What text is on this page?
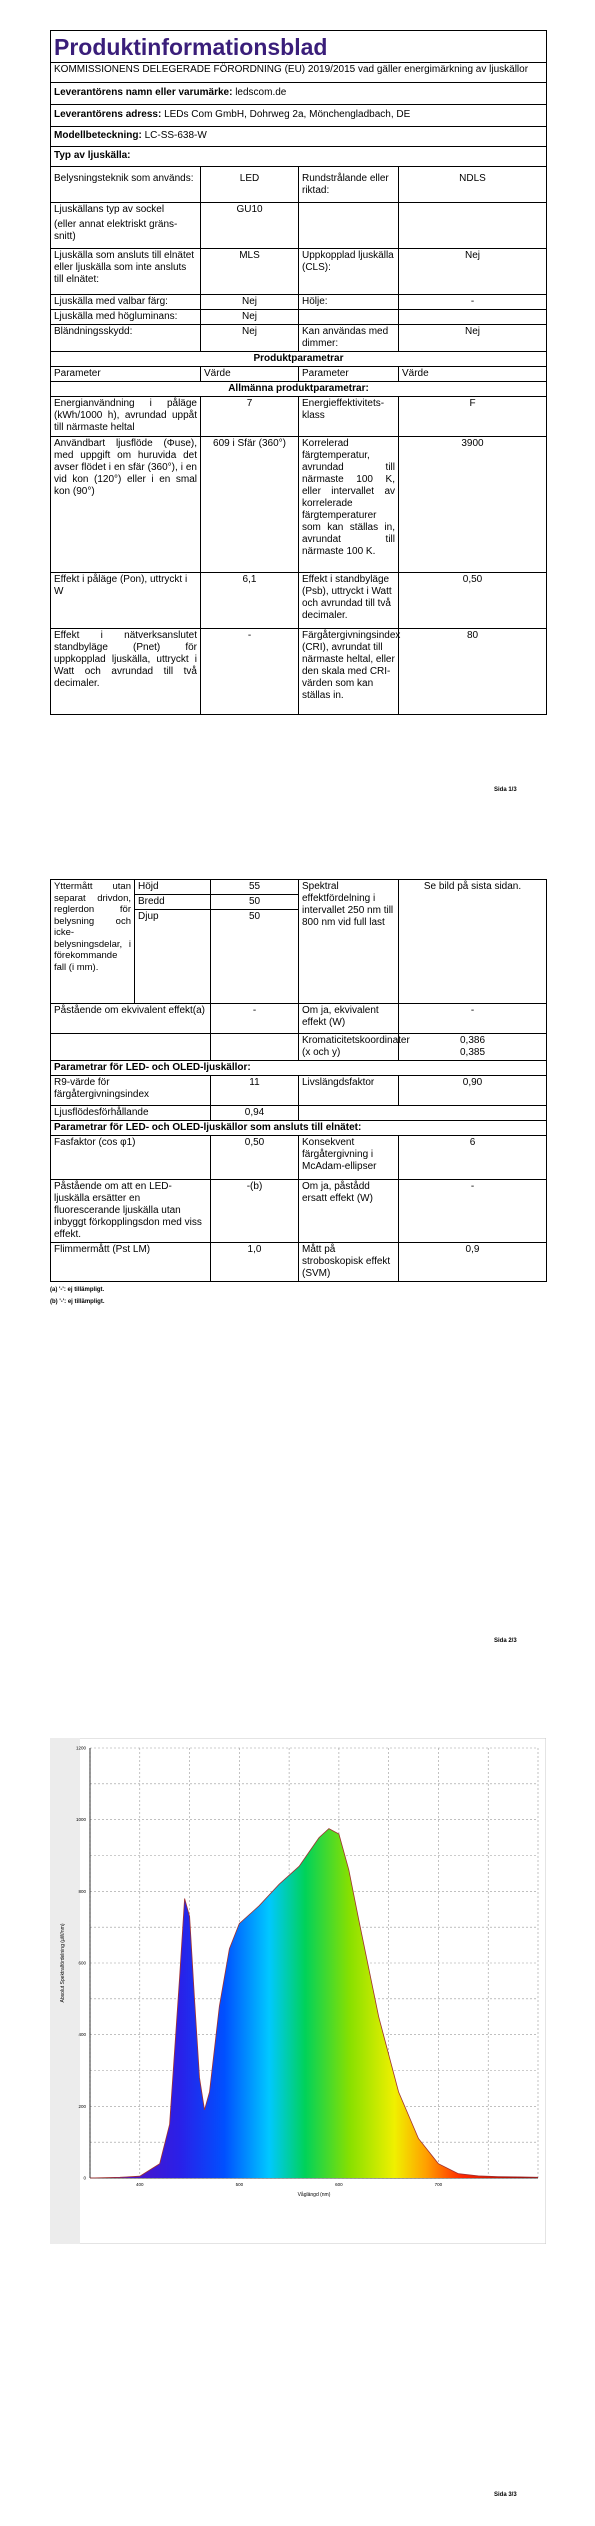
Produktinformationsblad			
KOMMISSIONENS DELEGERADE FÖRORDNING (EU) 2019/2015 vad gäller energimärkning av ljuskällor			
Leverantörens namn eller varumärke: ledscom.de			
Leverantörens adress: LEDs Com GmbH, Dohrweg 2a, Mönchengladbach, DE			
Modellbeteckning: LC-SS-638-W			
Typ av ljuskälla:			
Belysningsteknik som används:	LED	Rundstrålande eller riktad:	NDLS

Ljuskällans typ av sockel
(eller annat elektriskt gräns-snitt)	GU10		
Ljuskälla som ansluts till elnätet eller ljuskälla som inte ansluts till elnätet:	MLS	Uppkopplad ljuskälla (CLS):	Nej
Ljuskälla med valbar färg:	Nej	Hölje:	-
Ljuskälla med högluminans:	Nej		
Bländningsskydd:	Nej	Kan användas med dimmer:	Nej
Produktparametrar			
Parameter	Värde	Parameter	Värde
Allmänna produktparametrar:			
Energianvändning i påläge (kWh/1000 h), avrundad uppåt till närmaste heltal	7	Energieffektivitets-klass	F
Användbart ljusflöde (Φuse), med uppgift om huruvida det avser flödet i en sfär (360°), i en vid kon (120°) eller i en smal kon (90°)	609 i Sfär (360°)	Korrelerad färgtemperatur, avrundad till närmaste 100 K, eller intervallet av korrelerade färgtemperaturer som kan ställas in, avrundat till närmaste 100 K.	3900
Effekt i påläge (Pon), uttryckt i W	6,1	Effekt i standbyläge (Psb), uttryckt i Watt och avrundad till två decimaler.	0,50
Effekt i nätverksanslutet standbyläge (Pnet) för uppkopplad ljuskälla, uttryckt i Watt och avrundad till två decimaler.	-	Färgåtergivningsindex (CRI), avrundat till närmaste heltal, eller den skala med CRI-värden som kan ställas in.	80
Sida 1/3
Yttermått utan separat drivdon, reglerdon för belysning och icke-belysningsdelar, i förekommande fall (i mm).	Höjd	55	Spektral effektfördelning i intervallet 250 nm till 800 nm vid full last	Se bild på sista sidan.
	Bredd	50		
	Djup	50		
Påstående om ekvivalent effekt(a)		-	Om ja, ekvivalent effekt (W)	-
			Kromaticitetskoordinater (x och y)	0,386
0,385

Parametrar för LED- och OLED-ljuskällor:				
R9-värde för färgåtergivningsindex		11	Livslängdsfaktor	0,90
Ljusflödesförhållande		0,94		
Parametrar för LED- och OLED-ljuskällor som ansluts till elnätet:				
Fasfaktor (cos φ1)		0,50	Konsekvent färgåtergivning i McAdam-ellipser	6
Påstående om att en LED-ljuskälla ersätter en fluorescerande ljuskälla utan inbyggt förkopplingsdon med viss effekt.		-(b)	Om ja, påstådd ersatt effekt (W)	-
Flimmermått (Pst LM)		1,0	Mått på stroboskopisk effekt (SVM)	0,9
(a) '-': ej tillämpligt.
(b) '-': ej tillämpligt.
Sida 2/3
0
200
400
600
800
1000
1200
400	500	600	700
Absolut Spektralfördelning (µW/nm)
Våglängd (nm)
Sida 3/3
